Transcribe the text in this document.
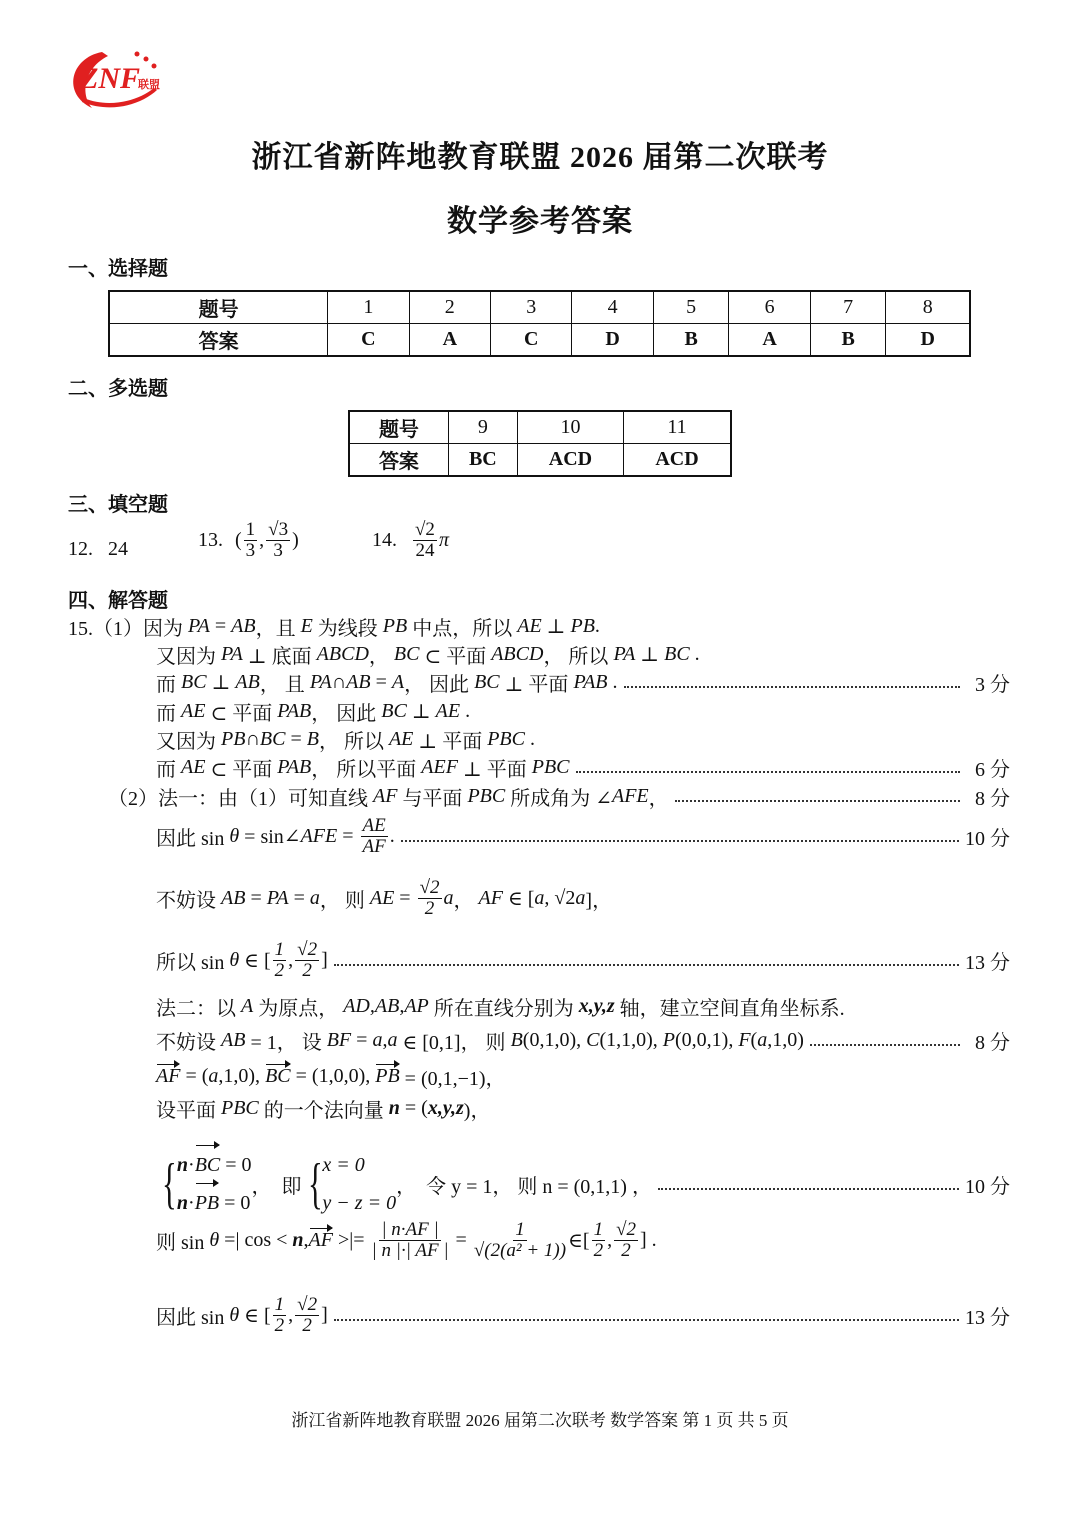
ZNF
联盟
浙江省新阵地教育联盟 2026 届第二次联考
数学参考答案
一、选择题
题号	1	2	3	4	5	6	7	8
答案	C	A	C	D	B	A	B	D
二、多选题
题号	9	10	11
答案	BC	ACD	ACD
三、填空题
12. 24	13. ( $\frac{1}{3}$ , $\frac{√3}{3}$ )	14. $\frac{√2}{24}$ π
四、解答题
浙江省新阵地教育联盟 2026 届第二次联考 数学答案 第 1 页 共 5 页
15.（1）因为 PA = AB ，且 E 为线段 PB 中点，所以 AE ⊥ PB .
又因为 PA ⊥ 底面 ABCD ， BC ⊂ 平面 ABCD ， 所以 PA ⊥ BC .
而 BC ⊥ AB ， 且 PA ∩ AB = A ， 因此 BC ⊥ 平面 PAB .	3 分
而 AE ⊂ 平面 PAB ， 因此 BC ⊥ AE .
又因为 PB ∩ BC = B ， 所以 AE ⊥ 平面 PBC .
而 AE ⊂ 平面 PAB ， 所以平面 AEF ⊥ 平面 PBC	6 分
（2）法一：由（1）可知直线 AF 与平面 PBC 所成角为 ∠ AFE ，	8 分
因此 sin θ = sin∠ AFE = $\frac{AE}{AF}$ .	10 分
不妨设 AB = PA = a ， 则 AE = $\frac{√2}{2}$ a ， AF ∈ [ a , √2 a ]，
所以 sin θ ∈ [ $\frac{1}{2}$ , $\frac{√2}{2}$ ]	13 分
法二：以 A 为原点， AD,AB,AP 所在直线分别为 x,y,z 轴，建立空间直角坐标系.
不妨设 AB = 1， 设 BF = a , a ∈ [0,1]， 则 B (0,1,0), C (1,1,0), P (0,0,1), F ( a ,1,0)	8 分
AF = ( a ,1,0), BC = (1,0,0), PB = (0,1,−1)，
设平面 PBC 的一个法向量 n = ( x,y,z )，
{ n·BC = 0
n·PB = 0
，  即 { x = 0
y − z = 0
，  令 y = 1， 则 n = (0,1,1) ，	10 分
则 sin θ =| cos < n , AF >|= $\frac{| n\cdot AF |}{| n |\cdot| AF |} = \frac{1}{\text{√(2(a² + 1))}}$ ∈[ $\frac{1}{2}$ , $\frac{√2}{2}$ ] .
因此 sin θ ∈ [ $\frac{1}{2}$ , $\frac{√2}{2}$ ]	13 分
